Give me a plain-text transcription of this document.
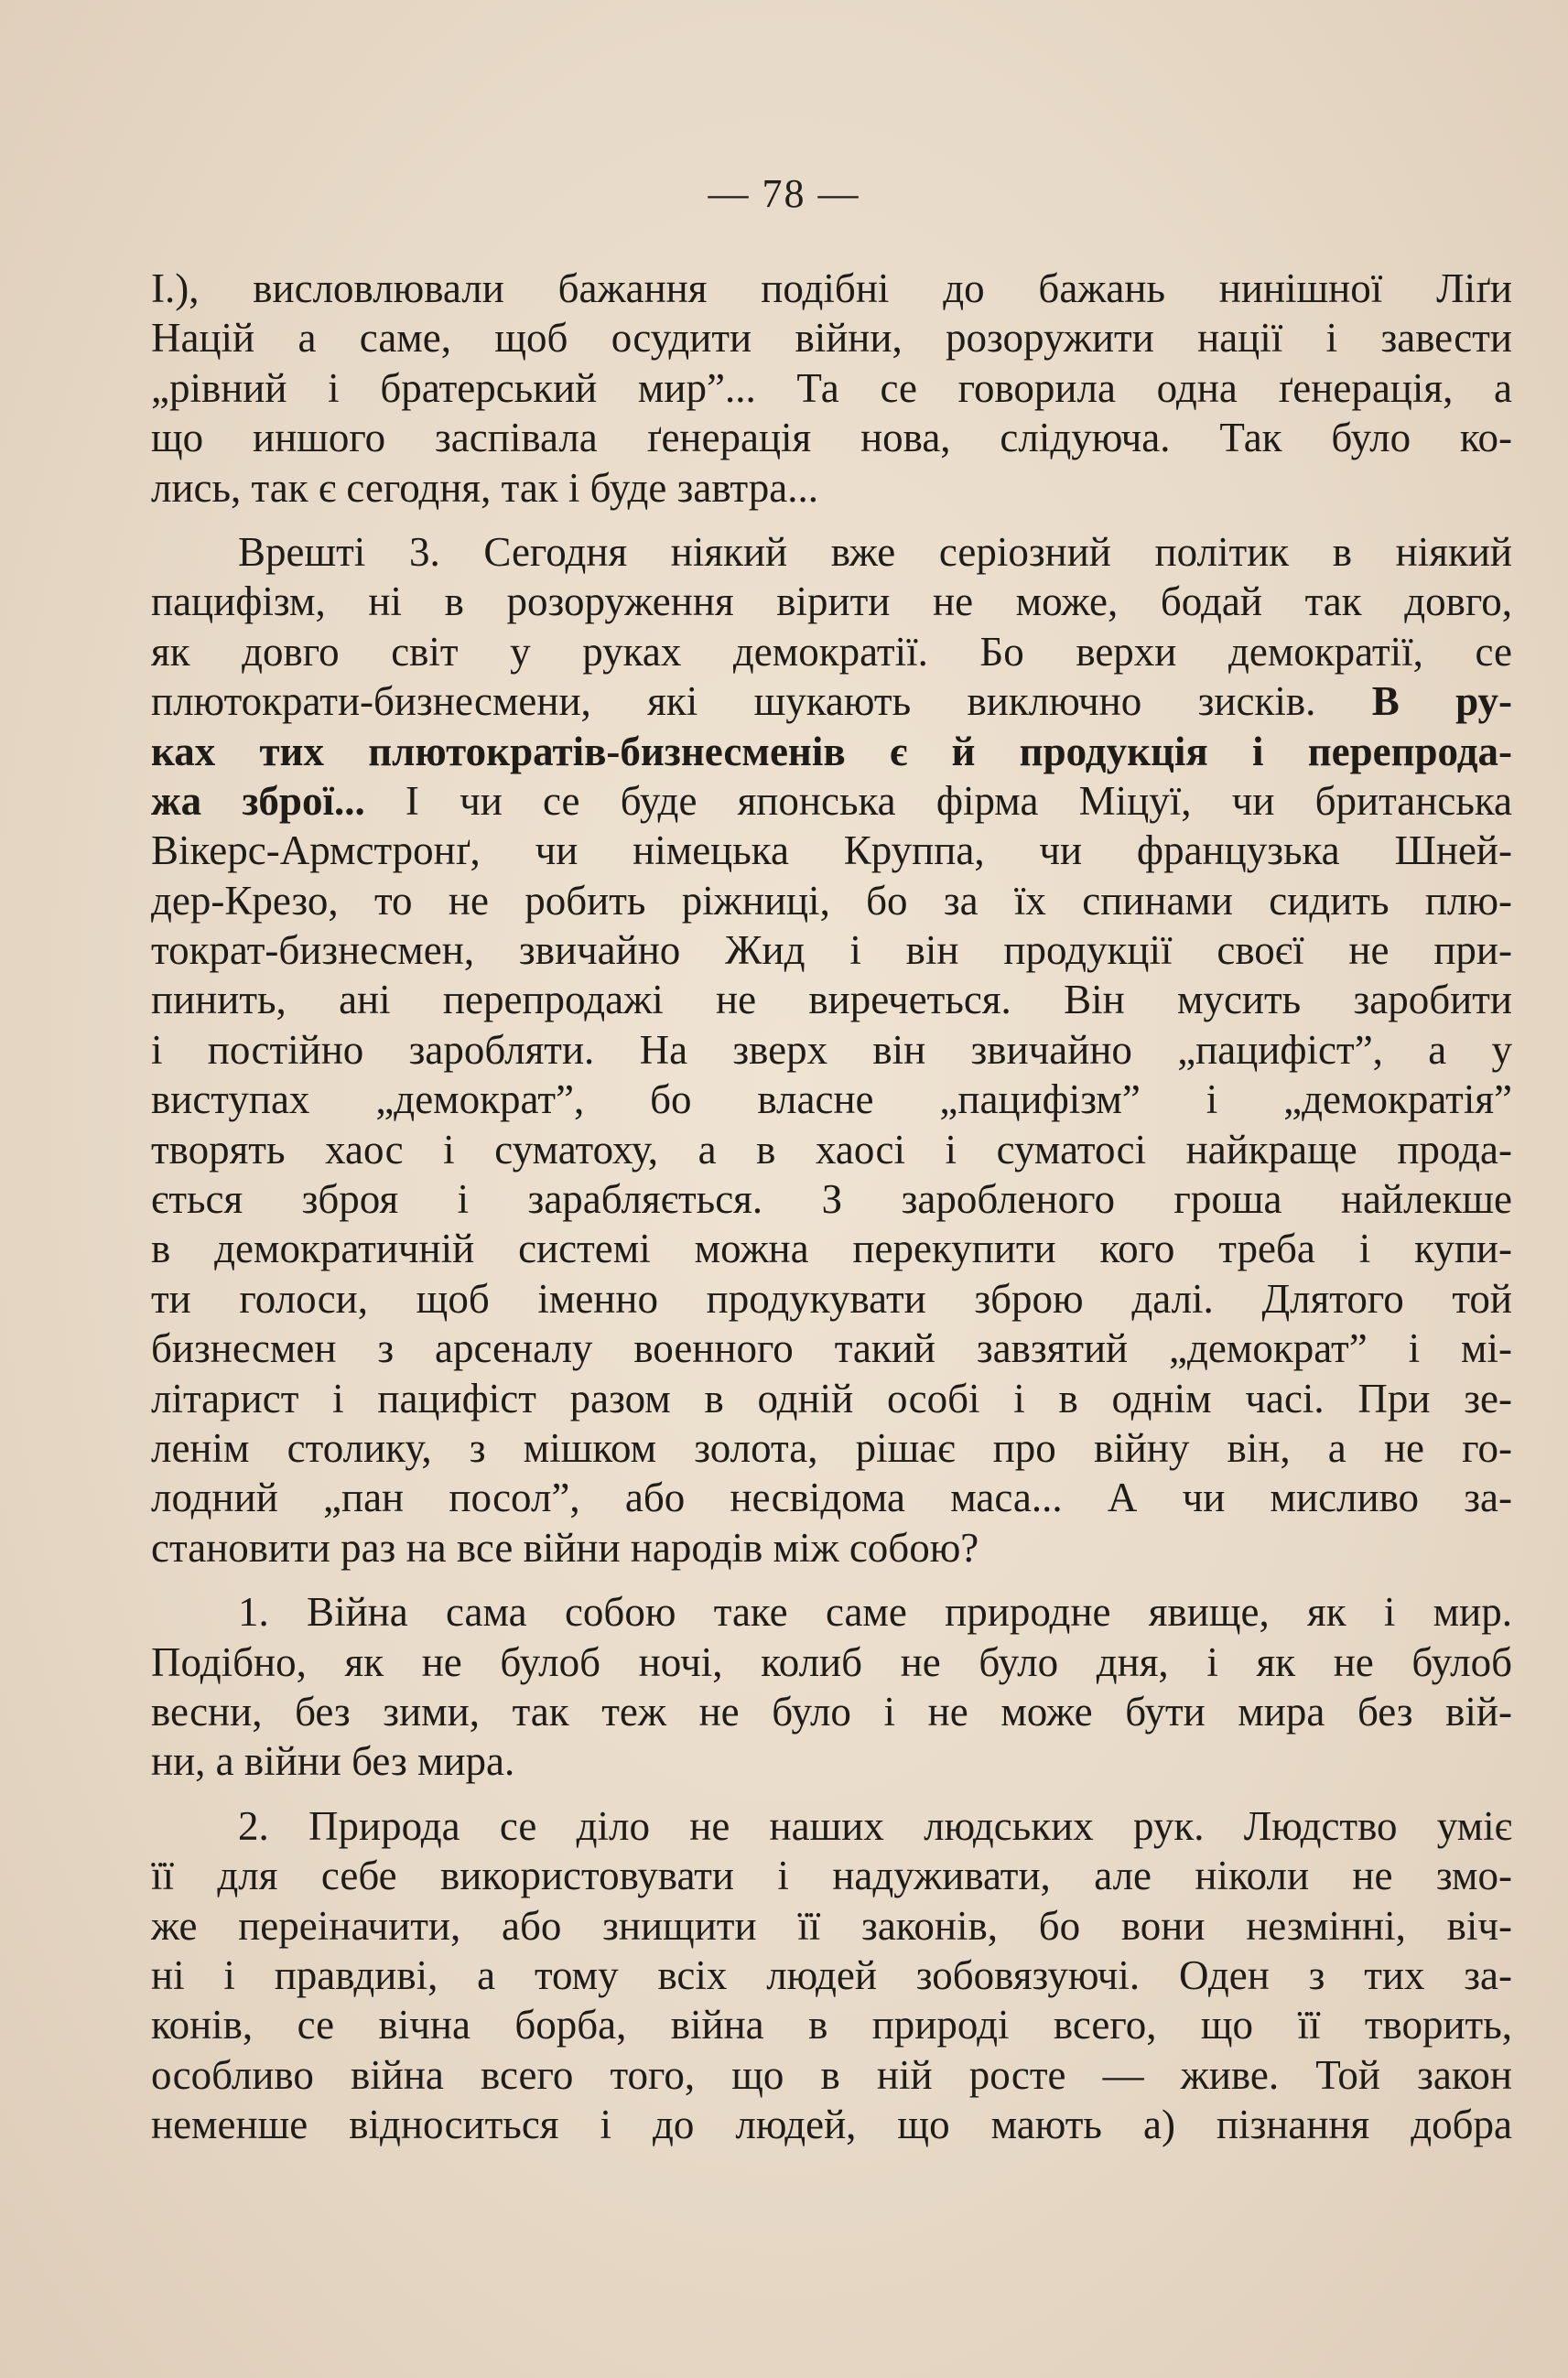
— 78 —
І.), висловлювали бажання подібні до бажань нинішної Ліґи
Націй а саме, щоб осудити війни, розоружити нації і завести
„рівний і братерський мир”... Та се говорила одна ґенерація, а
що иншого заспівала ґенерація нова, слідуюча. Так було ко-
лись, так є сегодня, так і буде завтра...
Врешті 3. Сегодня ніякий вже серіозний політик в ніякий
пацифізм, ні в розоруження вірити не може, бодай так довго,
як довго світ у руках демократії. Бо верхи демократії, се
плютократи-бизнесмени, які шукають виключно зисків. В ру-
ках тих плютократів-бизнесменів є й продукція і перепрода-
жа зброї... І чи се буде японська фірма Міцуї, чи британська
Вікерс-Армстронґ, чи німецька Круппа, чи французька Шней-
дер-Крезо, то не робить ріжниці, бо за їх спинами сидить плю-
тократ-бизнесмен, звичайно Жид і він продукції своєї не при-
пинить, ані перепродажі не виречеться. Він мусить заробити
і постійно заробляти. На зверх він звичайно „пацифіст”, а у
виступах „демократ”, бо власне „пацифізм” і „демократія”
творять хаос і суматоху, а в хаосі і суматосі найкраще прода-
ється зброя і зарабляється. З заробленого гроша найлекше
в демократичній системі можна перекупити кого треба і купи-
ти голоси, щоб іменно продукувати зброю далі. Длятого той
бизнесмен з арсеналу военного такий завзятий „демократ” і мі-
літарист і пацифіст разом в одній особі і в однім часі. При зе-
ленім столику, з мішком золота, рішає про війну він, а не го-
лодний „пан посол”, або несвідома маса... А чи мисливо за-
становити раз на все війни народів між собою?
1. Війна сама собою таке саме природне явище, як і мир.
Подібно, як не булоб ночі, колиб не було дня, і як не булоб
весни, без зими, так теж не було і не може бути мира без вій-
ни, а війни без мира.
2. Природа се діло не наших людських рук. Людство уміє
її для себе використовувати і надуживати, але ніколи не змо-
же переіначити, або знищити її законів, бо вони незмінні, віч-
ні і правдиві, а тому всіх людей зобовязуючі. Оден з тих за-
конів, се вічна борба, війна в природі всего, що її творить,
особливо війна всего того, що в ній росте — живе. Той закон
неменше відноситься і до людей, що мають а) пізнання добра
